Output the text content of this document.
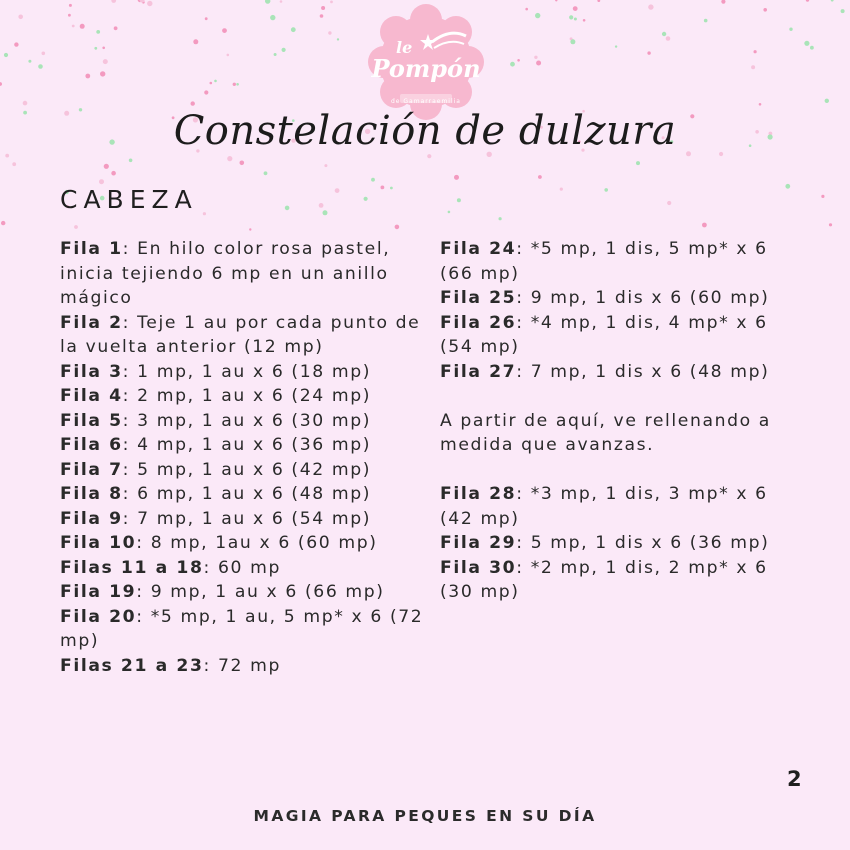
le
Pompón
de Gamarraemilia
Constelación de dulzura
CABEZA

Fila 1: En hilo color rosa pastel, inicia tejiendo 6 mp en un anillo mágico

Fila 2: Teje 1 au por cada punto de la vuelta anterior (12 mp)

Fila 3: 1 mp, 1 au x 6 (18 mp)

Fila 4: 2 mp, 1 au x 6 (24 mp)

Fila 5: 3 mp, 1 au x 6 (30 mp)

Fila 6: 4 mp, 1 au x 6 (36 mp)

Fila 7: 5 mp, 1 au x 6 (42 mp)

Fila 8: 6 mp, 1 au x 6 (48 mp)

Fila 9: 7 mp, 1 au x 6 (54 mp)

Fila 10: 8 mp, 1au x 6 (60 mp)

Filas 11 a 18: 60 mp

Fila 19: 9 mp, 1 au x 6 (66 mp)

Fila 20: *5 mp, 1 au, 5 mp* x 6 (72 mp)

Filas 21 a 23: 72 mp

Fila 24: *5 mp, 1 dis, 5 mp* x 6 (66 mp)

Fila 25: 9 mp, 1 dis x 6 (60 mp)

Fila 26: *4 mp, 1 dis, 4 mp* x 6 (54 mp)

Fila 27: 7 mp, 1 dis x 6 (48 mp)

A partir de aquí, ve rellenando a medida que avanzas.

Fila 28: *3 mp, 1 dis, 3 mp* x 6 (42 mp)

Fila 29: 5 mp, 1 dis x 6 (36 mp)

Fila 30: *2 mp, 1 dis, 2 mp* x 6 (30 mp)

2
MAGIA PARA PEQUES EN SU DÍA
